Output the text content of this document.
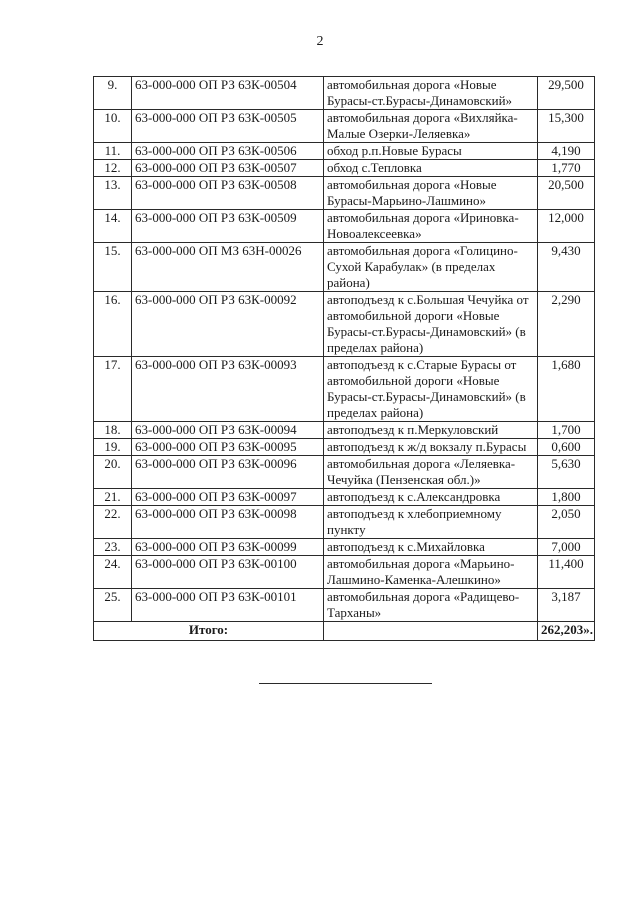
2
9.	63-000-000 ОП РЗ 63К-00504	автомобильная дорога «Новые Бурасы-ст.Бурасы-Динамовский»	29,500
10.	63-000-000 ОП РЗ 63К-00505	автомобильная дорога «Вихляйка-Малые Озерки-Леляевка»	15,300
11.	63-000-000 ОП РЗ 63К-00506	обход р.п.Новые Бурасы	4,190
12.	63-000-000 ОП РЗ 63К-00507	обход с.Тепловка	1,770
13.	63-000-000 ОП РЗ 63К-00508	автомобильная дорога «Новые Бурасы-Марьино-Лашмино»	20,500
14.	63-000-000 ОП РЗ 63К-00509	автомобильная дорога «Ириновка-Новоалексеевка»	12,000
15.	63-000-000 ОП МЗ 63Н-00026	автомобильная дорога «Голицино-Сухой Карабулак» (в пределах района)	9,430
16.	63-000-000 ОП РЗ 63К-00092	автоподъезд к с.Большая Чечуйка от автомобильной дороги «Новые Бурасы-ст.Бурасы-Динамовский» (в пределах района)	2,290
17.	63-000-000 ОП РЗ 63К-00093	автоподъезд к с.Старые Бурасы от автомобильной дороги «Новые Бурасы-ст.Бурасы-Динамовский» (в пределах района)	1,680
18.	63-000-000 ОП РЗ 63К-00094	автоподъезд к п.Меркуловский	1,700
19.	63-000-000 ОП РЗ 63К-00095	автоподъезд к ж/д вокзалу п.Бурасы	0,600
20.	63-000-000 ОП РЗ 63К-00096	автомобильная дорога «Леляевка-Чечуйка (Пензенская обл.)»	5,630
21.	63-000-000 ОП РЗ 63К-00097	автоподъезд к с.Александровка	1,800
22.	63-000-000 ОП РЗ 63К-00098	автоподъезд к хлебоприемному пункту	2,050
23.	63-000-000 ОП РЗ 63К-00099	автоподъезд к с.Михайловка	7,000
24.	63-000-000 ОП РЗ 63К-00100	автомобильная дорога «Марьино-Лашмино-Каменка-Алешкино»	11,400
25.	63-000-000 ОП РЗ 63К-00101	автомобильная дорога «Радищево-Тарханы»	3,187
Итого:			262,203».
